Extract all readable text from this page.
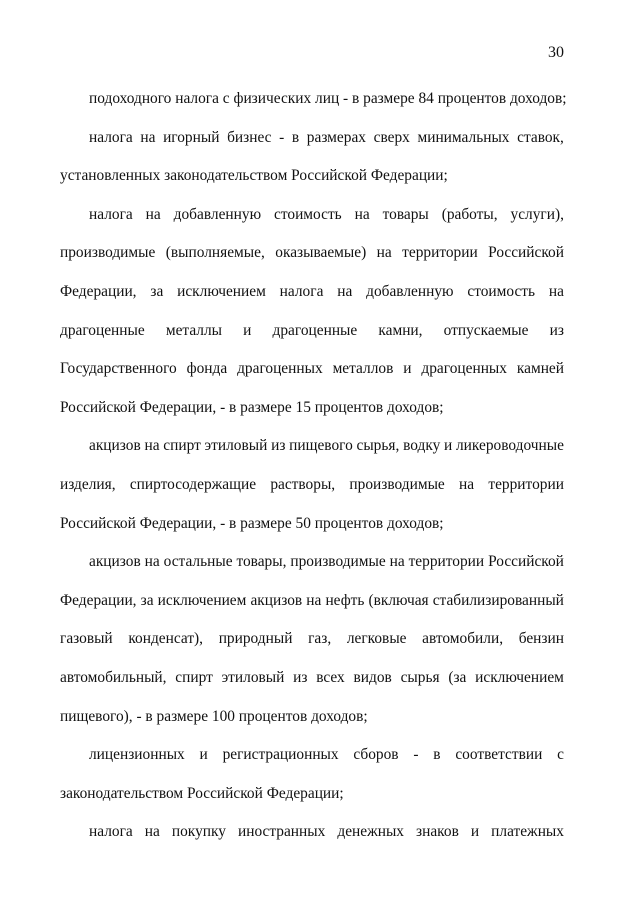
30
подоходного налога с физических лиц - в размере 84 процентов доходов;
налога на игорный бизнес - в размерах сверх минимальных ставок,
установленных законодательством Российской Федерации;
налога на добавленную стоимость на товары (работы, услуги),
производимые (выполняемые, оказываемые) на территории Российской
Федерации, за исключением налога на добавленную стоимость на
драгоценные металлы и драгоценные камни, отпускаемые из
Государственного фонда драгоценных металлов и драгоценных камней
Российской Федерации, - в размере 15 процентов доходов;
акцизов на спирт этиловый из пищевого сырья, водку и ликероводочные
изделия, спиртосодержащие растворы, производимые на территории
Российской Федерации, - в размере 50 процентов доходов;
акцизов на остальные товары, производимые на территории Российской
Федерации, за исключением акцизов на нефть (включая стабилизированный
газовый конденсат), природный газ, легковые автомобили, бензин
автомобильный, спирт этиловый из всех видов сырья (за исключением
пищевого), - в размере 100 процентов доходов;
лицензионных и регистрационных сборов - в соответствии с
законодательством Российской Федерации;
налога на покупку иностранных денежных знаков и платежных
